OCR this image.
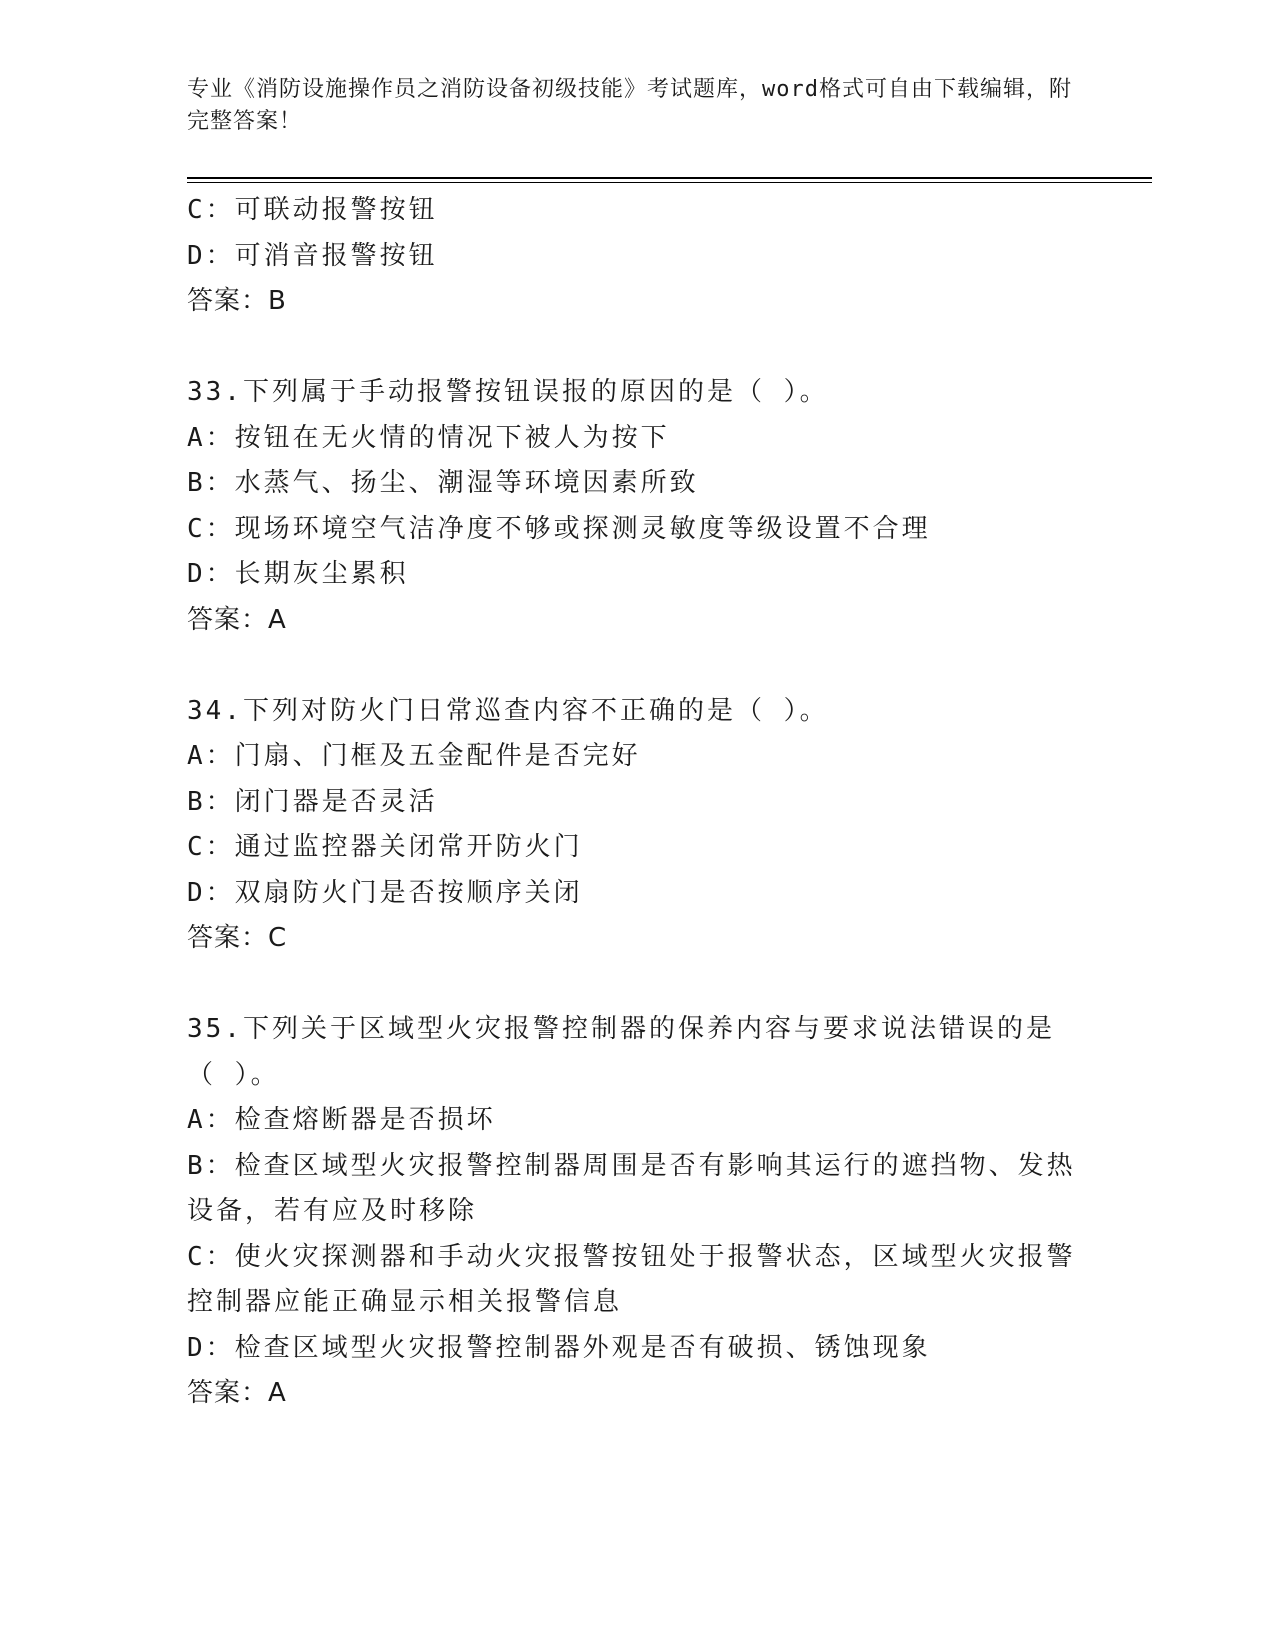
专业《消防设施操作员之消防设备初级技能》考试题库，word格式可自由下载编辑，附完整答案！
C：可联动报警按钮
D：可消音报警按钮
答案：B
33.下列属于手动报警按钮误报的原因的是（ ）。
A：按钮在无火情的情况下被人为按下
B：水蒸气、扬尘、潮湿等环境因素所致
C：现场环境空气洁净度不够或探测灵敏度等级设置不合理
D：长期灰尘累积
答案：A
34.下列对防火门日常巡查内容不正确的是（ ）。
A：门扇、门框及五金配件是否完好
B：闭门器是否灵活
C：通过监控器关闭常开防火门
D：双扇防火门是否按顺序关闭
答案：C
35.下列关于区域型火灾报警控制器的保养内容与要求说法错误的是（ ）。
A：检查熔断器是否损坏
B：检查区域型火灾报警控制器周围是否有影响其运行的遮挡物、发热设备，若有应及时移除
C：使火灾探测器和手动火灾报警按钮处于报警状态，区域型火灾报警控制器应能正确显示相关报警信息
D：检查区域型火灾报警控制器外观是否有破损、锈蚀现象
答案：A
